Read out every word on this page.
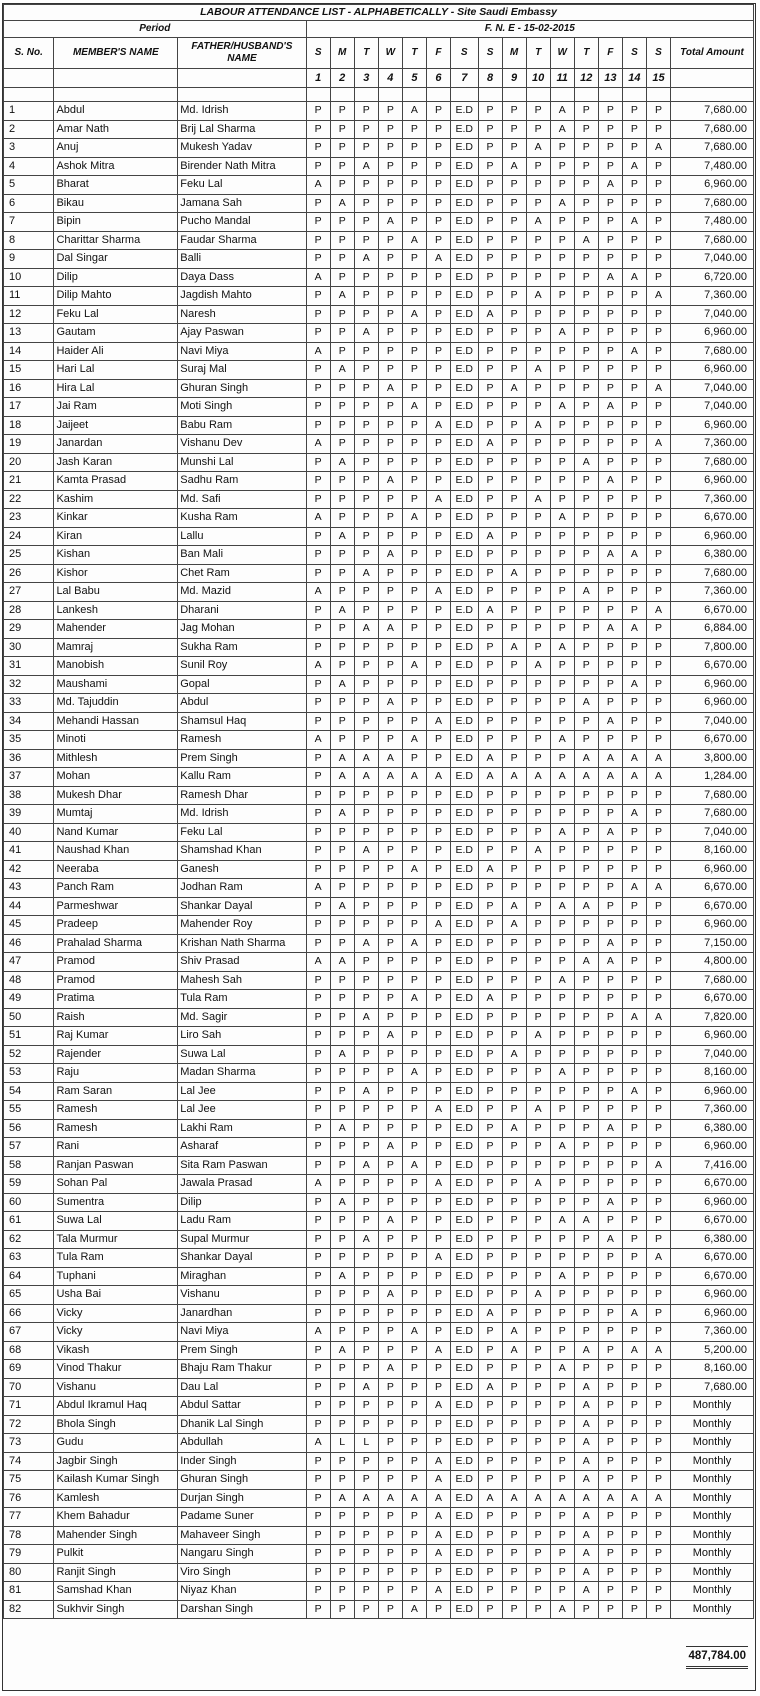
LABOUR ATTENDANCE LIST - ALPHABETICALLY - Site Saudi Embassy																		
Period			F. N. E - 15-02-2015															
S. No.	MEMBER'S NAME	FATHER/HUSBAND'S NAME	S	M	T	W	T	F	S	S	M	T	W	T	F	S	S	Total Amount
			1	2	3	4	5	6	7	8	9	10	11	12	13	14	15	

1	Abdul	Md. Idrish	P	P	P	P	A	P	E.D	P	P	P	A	P	P	P	P	7,680.00
2	Amar Nath	Brij Lal Sharma	P	P	P	P	P	P	E.D	P	P	P	A	P	P	P	P	7,680.00
3	Anuj	Mukesh Yadav	P	P	P	P	P	P	E.D	P	P	A	P	P	P	P	A	7,680.00
4	Ashok Mitra	Birender Nath Mitra	P	P	A	P	P	P	E.D	P	A	P	P	P	P	A	P	7,480.00
5	Bharat	Feku Lal	A	P	P	P	P	P	E.D	P	P	P	P	P	A	P	P	6,960.00
6	Bikau	Jamana Sah	P	A	P	P	P	P	E.D	P	P	P	A	P	P	P	P	7,680.00
7	Bipin	Pucho Mandal	P	P	P	A	P	P	E.D	P	P	A	P	P	P	A	P	7,480.00
8	Charittar Sharma	Faudar Sharma	P	P	P	P	A	P	E.D	P	P	P	P	A	P	P	P	7,680.00
9	Dal Singar	Balli	P	P	A	P	P	A	E.D	P	P	P	P	P	P	P	P	7,040.00
10	Dilip	Daya Dass	A	P	P	P	P	P	E.D	P	P	P	P	P	A	A	P	6,720.00
11	Dilip Mahto	Jagdish Mahto	P	A	P	P	P	P	E.D	P	P	A	P	P	P	P	A	7,360.00
12	Feku Lal	Naresh	P	P	P	P	A	P	E.D	A	P	P	P	P	P	P	P	7,040.00
13	Gautam	Ajay Paswan	P	P	A	P	P	P	E.D	P	P	P	A	P	P	P	P	6,960.00
14	Haider Ali	Navi Miya	A	P	P	P	P	P	E.D	P	P	P	P	P	P	A	P	7,680.00
15	Hari Lal	Suraj Mal	P	A	P	P	P	P	E.D	P	P	A	P	P	P	P	P	6,960.00
16	Hira Lal	Ghuran Singh	P	P	P	A	P	P	E.D	P	A	P	P	P	P	P	A	7,040.00
17	Jai Ram	Moti Singh	P	P	P	P	A	P	E.D	P	P	P	A	P	A	P	P	7,040.00
18	Jaijeet	Babu Ram	P	P	P	P	P	A	E.D	P	P	A	P	P	P	P	P	6,960.00
19	Janardan	Vishanu Dev	A	P	P	P	P	P	E.D	A	P	P	P	P	P	P	A	7,360.00
20	Jash Karan	Munshi Lal	P	A	P	P	P	P	E.D	P	P	P	P	A	P	P	P	7,680.00
21	Kamta Prasad	Sadhu Ram	P	P	P	A	P	P	E.D	P	P	P	P	P	A	P	P	6,960.00
22	Kashim	Md. Safi	P	P	P	P	P	A	E.D	P	P	A	P	P	P	P	P	7,360.00
23	Kinkar	Kusha Ram	A	P	P	P	A	P	E.D	P	P	P	A	P	P	P	P	6,670.00
24	Kiran	Lallu	P	A	P	P	P	P	E.D	A	P	P	P	P	P	P	P	6,960.00
25	Kishan	Ban Mali	P	P	P	A	P	P	E.D	P	P	P	P	P	A	A	P	6,380.00
26	Kishor	Chet Ram	P	P	A	P	P	P	E.D	P	A	P	P	P	P	P	P	7,680.00
27	Lal Babu	Md. Mazid	A	P	P	P	P	A	E.D	P	P	P	P	A	P	P	P	7,360.00
28	Lankesh	Dharani	P	A	P	P	P	P	E.D	A	P	P	P	P	P	P	A	6,670.00
29	Mahender	Jag Mohan	P	P	A	A	P	P	E.D	P	P	P	P	P	A	A	P	6,884.00
30	Mamraj	Sukha Ram	P	P	P	P	P	P	E.D	P	A	P	A	P	P	P	P	7,800.00
31	Manobish	Sunil Roy	A	P	P	P	A	P	E.D	P	P	A	P	P	P	P	P	6,670.00
32	Maushami	Gopal	P	A	P	P	P	P	E.D	P	P	P	P	P	P	A	P	6,960.00
33	Md. Tajuddin	Abdul	P	P	P	A	P	P	E.D	P	P	P	P	A	P	P	P	6,960.00
34	Mehandi Hassan	Shamsul Haq	P	P	P	P	P	A	E.D	P	P	P	P	P	A	P	P	7,040.00
35	Minoti	Ramesh	A	P	P	P	A	P	E.D	P	P	P	A	P	P	P	P	6,670.00
36	Mithlesh	Prem Singh	P	A	A	A	P	P	E.D	A	P	P	P	A	A	A	A	3,800.00
37	Mohan	Kallu Ram	P	A	A	A	A	A	E.D	A	A	A	A	A	A	A	A	1,284.00
38	Mukesh Dhar	Ramesh Dhar	P	P	P	P	P	P	E.D	P	P	P	P	P	P	P	P	7,680.00
39	Mumtaj	Md. Idrish	P	A	P	P	P	P	E.D	P	P	P	P	P	P	A	P	7,680.00
40	Nand Kumar	Feku Lal	P	P	P	P	P	P	E.D	P	P	P	A	P	A	P	P	7,040.00
41	Naushad Khan	Shamshad Khan	P	P	A	P	P	P	E.D	P	P	A	P	P	P	P	P	8,160.00
42	Neeraba	Ganesh	P	P	P	P	A	P	E.D	A	P	P	P	P	P	P	P	6,960.00
43	Panch Ram	Jodhan Ram	A	P	P	P	P	P	E.D	P	P	P	P	P	P	A	A	6,670.00
44	Parmeshwar	Shankar Dayal	P	A	P	P	P	P	E.D	P	A	P	A	A	P	P	P	6,670.00
45	Pradeep	Mahender Roy	P	P	P	P	P	A	E.D	P	A	P	P	P	P	P	P	6,960.00
46	Prahalad Sharma	Krishan Nath Sharma	P	P	A	P	A	P	E.D	P	P	P	P	P	A	P	P	7,150.00
47	Pramod	Shiv Prasad	A	A	P	P	P	P	E.D	P	P	P	P	A	A	P	P	4,800.00
48	Pramod	Mahesh Sah	P	P	P	P	P	P	E.D	P	P	P	A	P	P	P	P	7,680.00
49	Pratima	Tula Ram	P	P	P	P	A	P	E.D	A	P	P	P	P	P	P	P	6,670.00
50	Raish	Md. Sagir	P	P	A	P	P	P	E.D	P	P	P	P	P	P	A	A	7,820.00
51	Raj Kumar	Liro Sah	P	P	P	A	P	P	E.D	P	P	A	P	P	P	P	P	6,960.00
52	Rajender	Suwa Lal	P	A	P	P	P	P	E.D	P	A	P	P	P	P	P	P	7,040.00
53	Raju	Madan Sharma	P	P	P	P	A	P	E.D	P	P	P	A	P	P	P	P	8,160.00
54	Ram Saran	Lal Jee	P	P	A	P	P	P	E.D	P	P	P	P	P	P	A	P	6,960.00
55	Ramesh	Lal Jee	P	P	P	P	P	A	E.D	P	P	A	P	P	P	P	P	7,360.00
56	Ramesh	Lakhi Ram	P	A	P	P	P	P	E.D	P	A	P	P	P	A	P	P	6,380.00
57	Rani	Asharaf	P	P	P	A	P	P	E.D	P	P	P	A	P	P	P	P	6,960.00
58	Ranjan Paswan	Sita Ram Paswan	P	P	A	P	A	P	E.D	P	P	P	P	P	P	P	A	7,416.00
59	Sohan Pal	Jawala Prasad	A	P	P	P	P	A	E.D	P	P	A	P	P	P	P	P	6,670.00
60	Sumentra	Dilip	P	A	P	P	P	P	E.D	P	P	P	P	P	A	P	P	6,960.00
61	Suwa Lal	Ladu Ram	P	P	P	A	P	P	E.D	P	P	P	A	A	P	P	P	6,670.00
62	Tala Murmur	Supal Murmur	P	P	A	P	P	P	E.D	P	P	P	P	P	A	P	P	6,380.00
63	Tula Ram	Shankar Dayal	P	P	P	P	P	A	E.D	P	P	P	P	P	P	P	A	6,670.00
64	Tuphani	Miraghan	P	A	P	P	P	P	E.D	P	P	P	A	P	P	P	P	6,670.00
65	Usha Bai	Vishanu	P	P	P	A	P	P	E.D	P	P	A	P	P	P	P	P	6,960.00
66	Vicky	Janardhan	P	P	P	P	P	P	E.D	A	P	P	P	P	P	A	P	6,960.00
67	Vicky	Navi Miya	A	P	P	P	A	P	E.D	P	A	P	P	P	P	P	P	7,360.00
68	Vikash	Prem Singh	P	A	P	P	P	A	E.D	P	A	P	P	A	P	A	A	5,200.00
69	Vinod Thakur	Bhaju Ram Thakur	P	P	P	A	P	P	E.D	P	P	P	A	P	P	P	P	8,160.00
70	Vishanu	Dau Lal	P	P	A	P	P	P	E.D	A	P	P	P	A	P	P	P	7,680.00
71	Abdul Ikramul Haq	Abdul Sattar	P	P	P	P	P	A	E.D	P	P	P	P	A	P	P	P	Monthly
72	Bhola Singh	Dhanik Lal Singh	P	P	P	P	P	P	E.D	P	P	P	P	A	P	P	P	Monthly
73	Gudu	Abdullah	A	L	L	P	P	P	E.D	P	P	P	P	A	P	P	P	Monthly
74	Jagbir Singh	Inder Singh	P	P	P	P	P	A	E.D	P	P	P	P	A	P	P	P	Monthly
75	Kailash Kumar Singh	Ghuran Singh	P	P	P	P	P	A	E.D	P	P	P	P	A	P	P	P	Monthly
76	Kamlesh	Durjan Singh	P	A	A	A	A	A	E.D	A	A	A	A	A	A	A	A	Monthly
77	Khem Bahadur	Padame Suner	P	P	P	P	P	A	E.D	P	P	P	P	A	P	P	P	Monthly
78	Mahender Singh	Mahaveer Singh	P	P	P	P	P	A	E.D	P	P	P	P	A	P	P	P	Monthly
79	Pulkit	Nangaru Singh	P	P	P	P	P	A	E.D	P	P	P	P	A	P	P	P	Monthly
80	Ranjit Singh	Viro Singh	P	P	P	P	P	P	E.D	P	P	P	P	A	P	P	P	Monthly
81	Samshad Khan	Niyaz Khan	P	P	P	P	P	A	E.D	P	P	P	P	A	P	P	P	Monthly
82	Sukhvir Singh	Darshan Singh	P	P	P	P	A	P	E.D	P	P	P	A	P	P	P	P	Monthly
	487,784.00
